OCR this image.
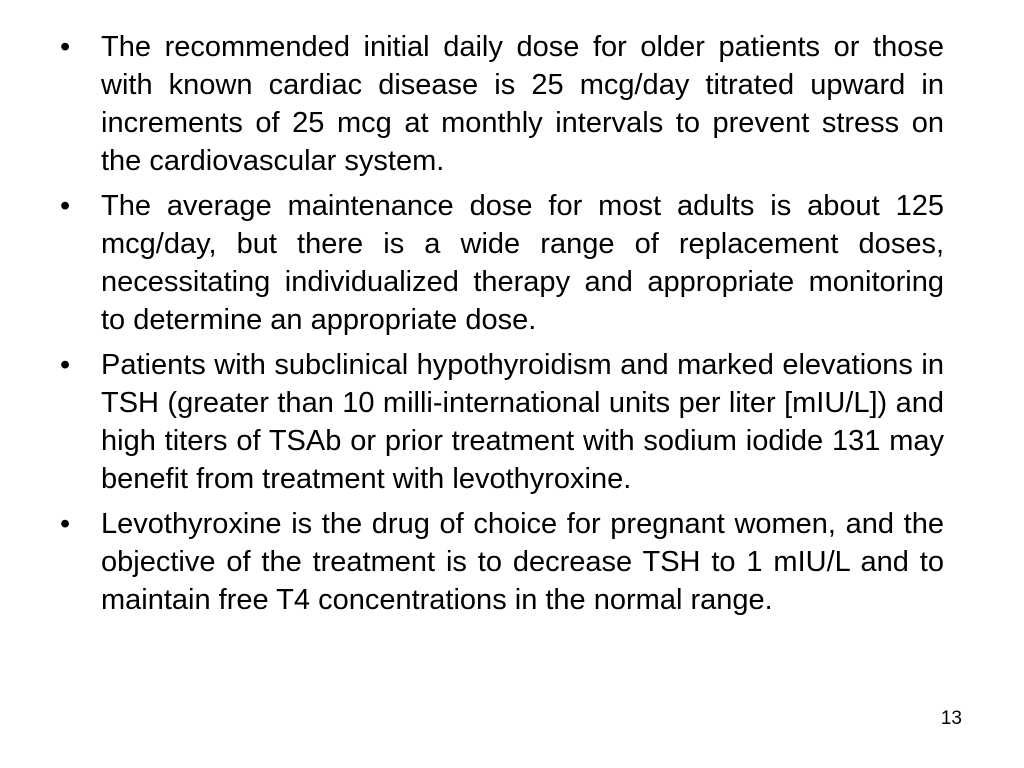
• The recommended initial daily dose for older patients or those with known cardiac disease is 25 mcg/day titrated upward in increments of 25 mcg at monthly intervals to prevent stress on the cardiovascular system.
• The average maintenance dose for most adults is about 125 mcg/day, but there is a wide range of replacement doses, necessitating individualized therapy and appropriate monitoring to determine an appropriate dose.
• Patients with subclinical hypothyroidism and marked elevations in TSH (greater than 10 milli-international units per liter [mIU/L]) and high titers of TSAb or prior treatment with sodium iodide 131 may benefit from treatment with levothyroxine.
• Levothyroxine is the drug of choice for pregnant women, and the objective of the treatment is to decrease TSH to 1 mIU/L and to maintain free T4 concentrations in the normal range.
13
